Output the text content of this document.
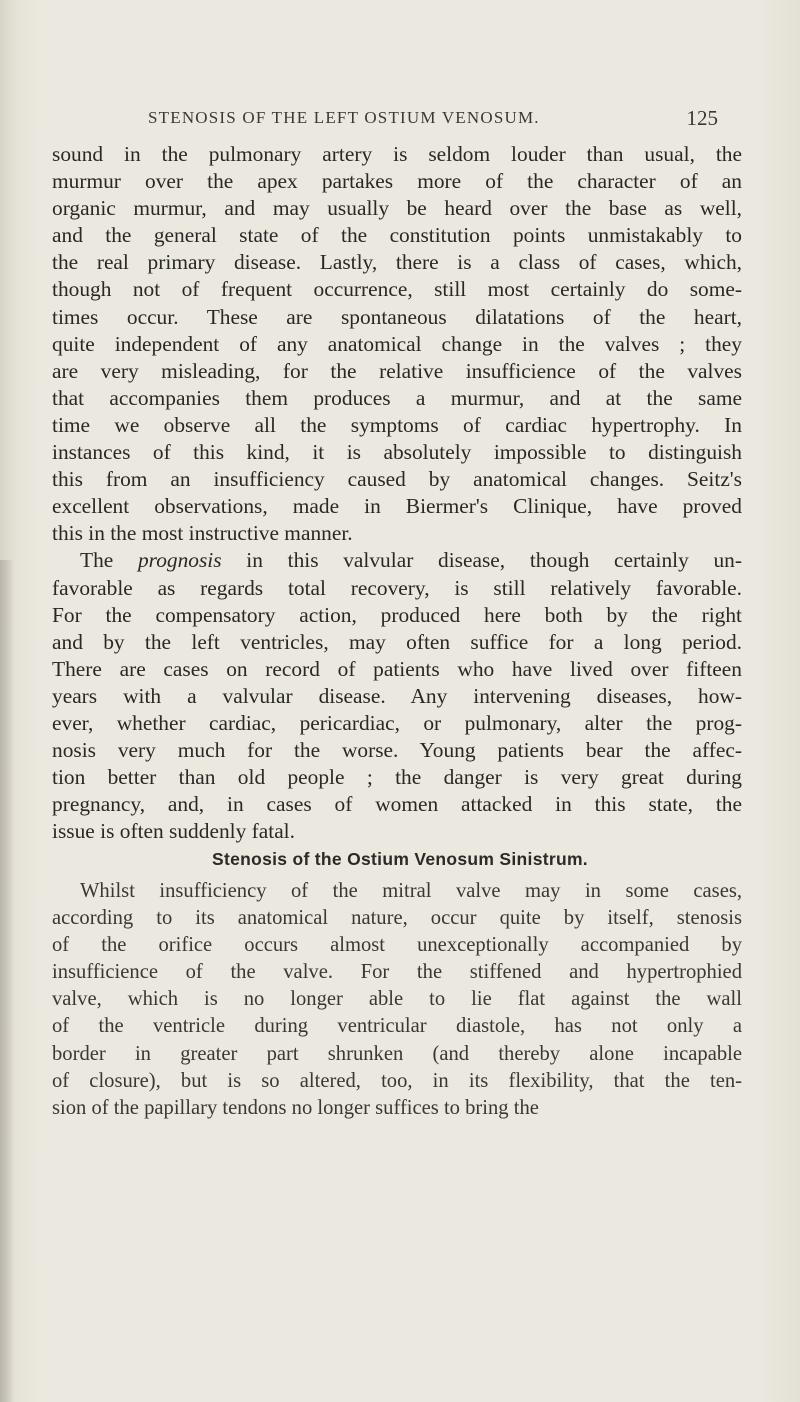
STENOSIS OF THE LEFT OSTIUM VENOSUM.	125
sound in the pulmonary artery is seldom louder than usual, the
murmur over the apex partakes more of the character of an
organic murmur, and may usually be heard over the base as well,
and the general state of the constitution points unmistakably to
the real primary disease. Lastly, there is a class of cases, which,
though not of frequent occurrence, still most certainly do some-
times occur. These are spontaneous dilatations of the heart,
quite independent of any anatomical change in the valves ; they
are very misleading, for the relative insufficience of the valves
that accompanies them produces a murmur, and at the same
time we observe all the symptoms of cardiac hypertrophy. In
instances of this kind, it is absolutely impossible to distinguish
this from an insufficiency caused by anatomical changes. Seitz's
excellent observations, made in Biermer's Clinique, have proved
this in the most instructive manner.
The prognosis in this valvular disease, though certainly un-
favorable as regards total recovery, is still relatively favorable.
For the compensatory action, produced here both by the right
and by the left ventricles, may often suffice for a long period.
There are cases on record of patients who have lived over fifteen
years with a valvular disease. Any intervening diseases, how-
ever, whether cardiac, pericardiac, or pulmonary, alter the prog-
nosis very much for the worse. Young patients bear the affec-
tion better than old people ; the danger is very great during
pregnancy, and, in cases of women attacked in this state, the
issue is often suddenly fatal.
Stenosis of the Ostium Venosum Sinistrum.
Whilst insufficiency of the mitral valve may in some cases,
according to its anatomical nature, occur quite by itself, stenosis
of the orifice occurs almost unexceptionally accompanied by
insufficience of the valve. For the stiffened and hypertrophied
valve, which is no longer able to lie flat against the wall
of the ventricle during ventricular diastole, has not only a
border in greater part shrunken (and thereby alone incapable
of closure), but is so altered, too, in its flexibility, that the ten-
sion of the papillary tendons no longer suffices to bring the
